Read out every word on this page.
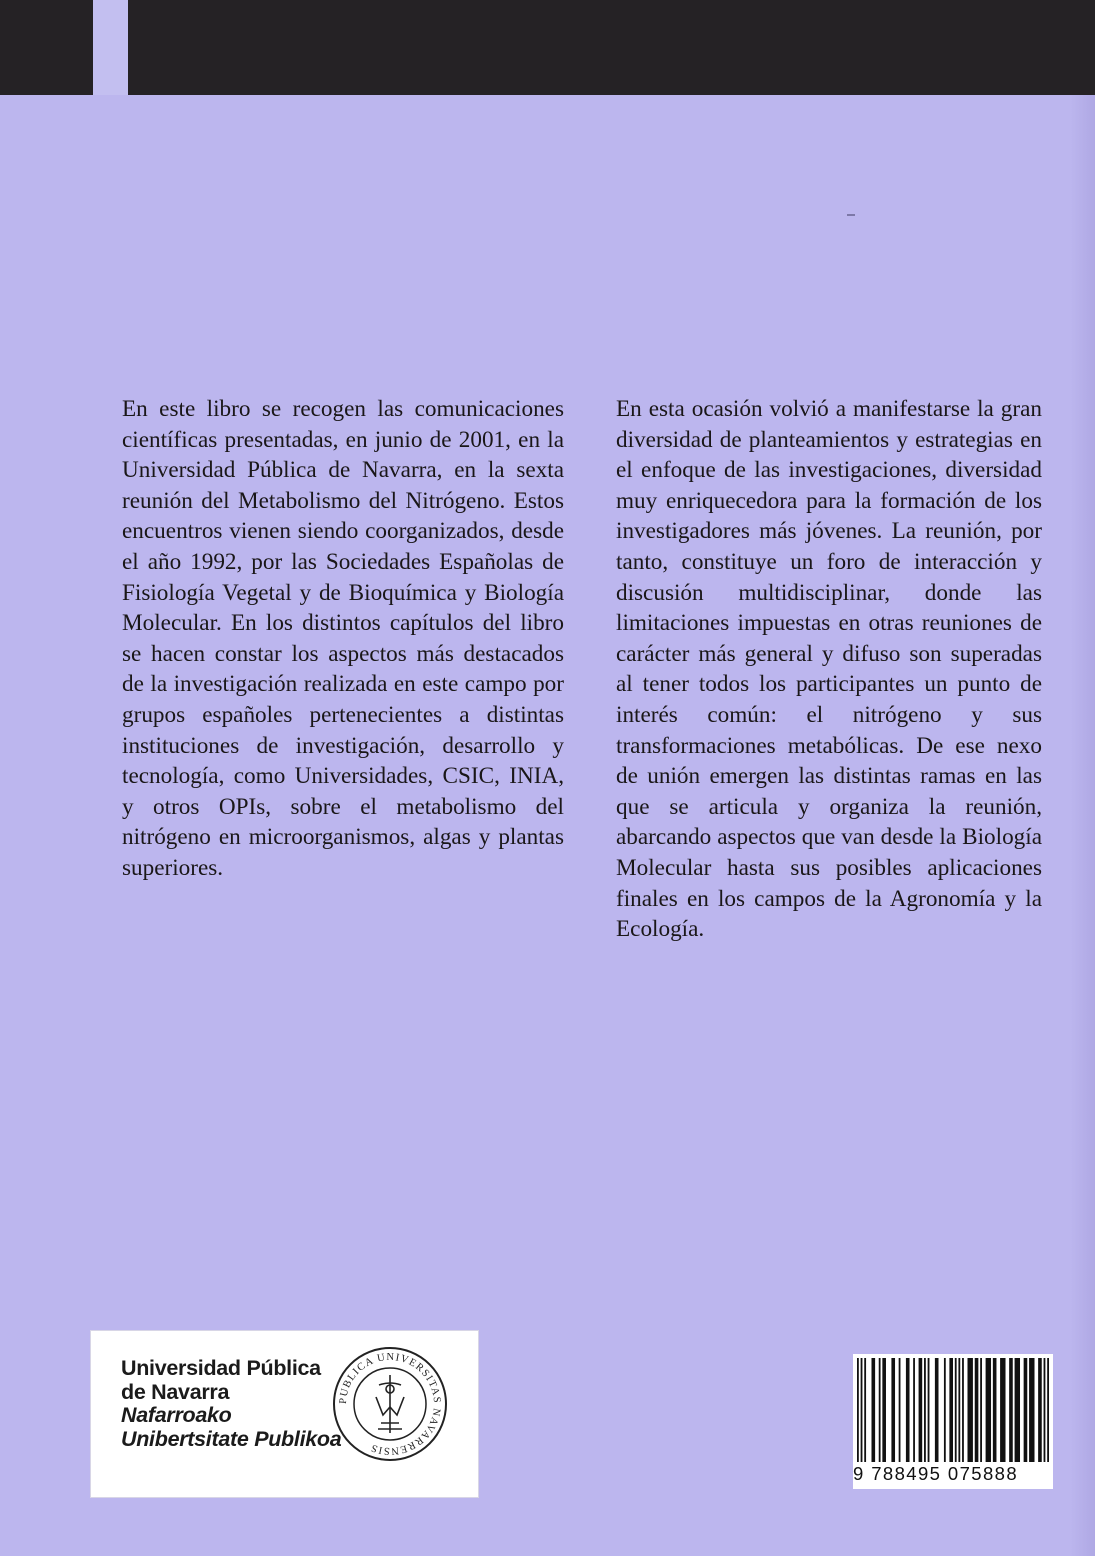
En este libro se recogen las comunicaciones científicas presentadas, en junio de 2001, en la Universidad Pública de Navarra, en la sexta reunión del Metabolismo del Nitrógeno. Estos encuentros vienen siendo coorganizados, desde el año 1992, por las Sociedades Españolas de Fisiología Vegetal y de Bioquímica y Biología Molecular. En los distintos capítulos del libro se hacen constar los aspectos más destacados de la investigación realizada en este campo por grupos españoles pertenecientes a distintas instituciones de investigación, desarrollo y tecnología, como Universidades, CSIC, INIA, y otros OPIs, sobre el metabolismo del nitrógeno en microorganismos, algas y plantas superiores.

En esta ocasión volvió a manifestarse la gran diversidad de planteamientos y estrategias en el enfoque de las investigaciones, diversidad muy enriquecedora para la formación de los investigadores más jóvenes. La reunión, por tanto, constituye un foro de interacción y discusión multidisciplinar, donde las limitaciones impuestas en otras reuniones de carácter más general y difuso son superadas al tener todos los participantes un punto de interés común: el nitrógeno y sus transformaciones metabólicas. De ese nexo de unión emergen las distintas ramas en las que se articula y organiza la reunión, abarcando aspectos que van desde la Biología Molecular hasta sus posibles aplicaciones finales en los campos de la Agronomía y la Ecología.

Universidad Pública
de Navarra
Nafarroako
Unibertsitate Publikoa
PUBLICA UNIVERSITAS NAVARRENSIS
9 788495 075888
